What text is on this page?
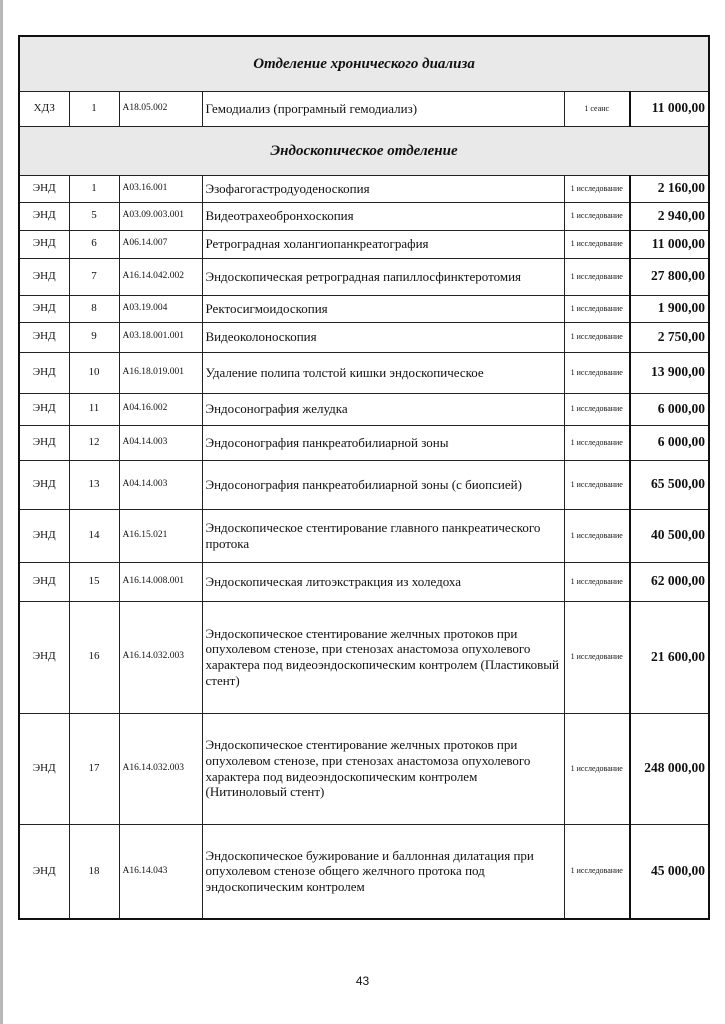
Отделение хронического диализа					
ХДЗ	1	A18.05.002	Гемодиализ (програмный гемодиализ)	1 сеанс	11 000,00
Эндоскопическое отделение					
ЭНД	1	A03.16.001	Эзофагогастродуоденоскопия	1 исследование	2 160,00
ЭНД	5	A03.09.003.001	Видеотрахеобронхоскопия	1 исследование	2 940,00
ЭНД	6	A06.14.007	Ретроградная холангиопанкреатография	1 исследование	11 000,00
ЭНД	7	A16.14.042.002	Эндоскопическая ретроградная папиллосфинктеротомия	1 исследование	27 800,00
ЭНД	8	A03.19.004	Ректосигмоидоскопия	1 исследование	1 900,00
ЭНД	9	A03.18.001.001	Видеоколоноскопия	1 исследование	2 750,00
ЭНД	10	A16.18.019.001	Удаление полипа толстой кишки эндоскопическое	1 исследование	13 900,00
ЭНД	11	A04.16.002	Эндосонография желудка	1 исследование	6 000,00
ЭНД	12	A04.14.003	Эндосонография панкреатобилиарной зоны	1 исследование	6 000,00
ЭНД	13	A04.14.003	Эндосонография панкреатобилиарной зоны (с биопсией)	1 исследование	65 500,00
ЭНД	14	A16.15.021	Эндоскопическое стентирование главного панкреатического протока	1 исследование	40 500,00
ЭНД	15	A16.14.008.001	Эндоскопическая литоэкстракция из холедоха	1 исследование	62 000,00
ЭНД	16	A16.14.032.003	Эндоскопическое стентирование желчных протоков при опухолевом стенозе, при стенозах анастомоза опухолевого характера под видеоэндоскопическим контролем (Пластиковый стент)	1 исследование	21 600,00
ЭНД	17	A16.14.032.003	Эндоскопическое стентирование желчных протоков при опухолевом стенозе, при стенозах анастомоза опухолевого характера под видеоэндоскопическим контролем (Нитиноловый стент)	1 исследование	248 000,00
ЭНД	18	A16.14.043	Эндоскопическое бужирование и баллонная дилатация при опухолевом стенозе общего желчного протока под эндоскопическим контролем	1 исследование	45 000,00
43
